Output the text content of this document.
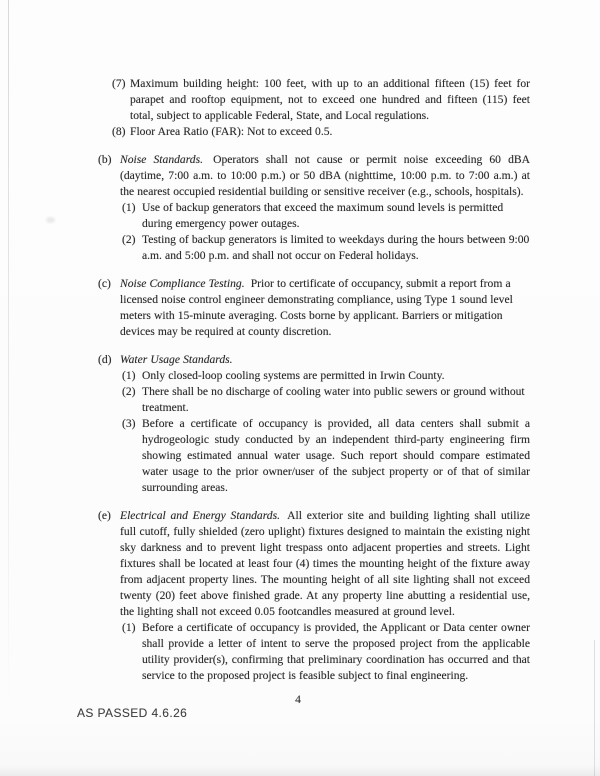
(7) Maximum building height: 100 feet, with up to an additional fifteen (15) feet for parapet and rooftop equipment, not to exceed one hundred and fifteen (115) feet total, subject to applicable Federal, State, and Local regulations.
(8) Floor Area Ratio (FAR): Not to exceed 0.5.
(b) Noise Standards. Operators shall not cause or permit noise exceeding 60 dBA (daytime, 7:00 a.m. to 10:00 p.m.) or 50 dBA (nighttime, 10:00 p.m. to 7:00 a.m.) at the nearest occupied residential building or sensitive receiver (e.g., schools, hospitals).
(1) Use of backup generators that exceed the maximum sound levels is permitted during emergency power outages.
(2) Testing of backup generators is limited to weekdays during the hours between 9:00 a.m. and 5:00 p.m. and shall not occur on Federal holidays.
(c) Noise Compliance Testing. Prior to certificate of occupancy, submit a report from a licensed noise control engineer demonstrating compliance, using Type 1 sound level meters with 15-minute averaging. Costs borne by applicant. Barriers or mitigation devices may be required at county discretion.
(d) Water Usage Standards.
(1) Only closed-loop cooling systems are permitted in Irwin County.
(2) There shall be no discharge of cooling water into public sewers or ground without treatment.
(3) Before a certificate of occupancy is provided, all data centers shall submit a hydrogeologic study conducted by an independent third-party engineering firm showing estimated annual water usage. Such report should compare estimated water usage to the prior owner/user of the subject property or of that of similar surrounding areas.
(e) Electrical and Energy Standards. All exterior site and building lighting shall utilize full cutoff, fully shielded (zero uplight) fixtures designed to maintain the existing night sky darkness and to prevent light trespass onto adjacent properties and streets. Light fixtures shall be located at least four (4) times the mounting height of the fixture away from adjacent property lines. The mounting height of all site lighting shall not exceed twenty (20) feet above finished grade. At any property line abutting a residential use, the lighting shall not exceed 0.05 footcandles measured at ground level.
(1) Before a certificate of occupancy is provided, the Applicant or Data center owner shall provide a letter of intent to serve the proposed project from the applicable utility provider(s), confirming that preliminary coordination has occurred and that service to the proposed project is feasible subject to final engineering.
4
AS PASSED 4.6.26
